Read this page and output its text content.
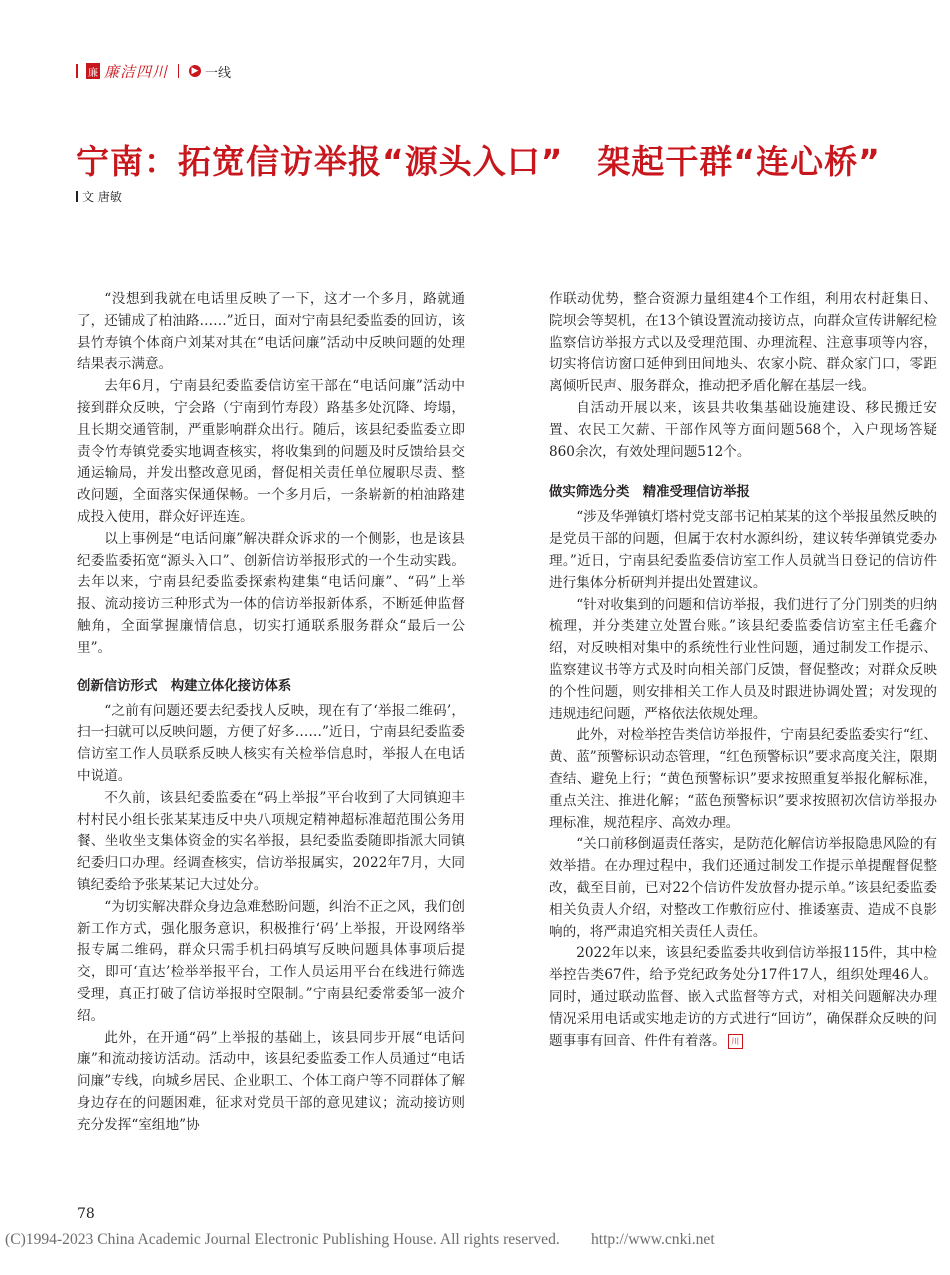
廉 廉洁四川	▶ 一线
宁南：拓宽信访举报“源头入口”　架起干群“连心桥”
文 唐敏

“没想到我就在电话里反映了一下，这才一个多月，路就通了，还铺成了柏油路……”近日，面对宁南县纪委监委的回访，该县竹寿镇个体商户刘某对其在“电话问廉”活动中反映问题的处理结果表示满意。

去年6月，宁南县纪委监委信访室干部在“电话问廉”活动中接到群众反映，宁会路（宁南到竹寿段）路基多处沉降、垮塌，且长期交通管制，严重影响群众出行。随后，该县纪委监委立即责令竹寿镇党委实地调查核实，将收集到的问题及时反馈给县交通运输局，并发出整改意见函，督促相关责任单位履职尽责、整改问题，全面落实保通保畅。一个多月后，一条崭新的柏油路建成投入使用，群众好评连连。

以上事例是“电话问廉”解决群众诉求的一个侧影，也是该县纪委监委拓宽“源头入口”、创新信访举报形式的一个生动实践。去年以来，宁南县纪委监委探索构建集“电话问廉”、“码”上举报、流动接访三种形式为一体的信访举报新体系，不断延伸监督触角，全面掌握廉情信息，切实打通联系服务群众“最后一公里”。

创新信访形式　构建立体化接访体系

“之前有问题还要去纪委找人反映，现在有了‘举报二维码’，扫一扫就可以反映问题，方便了好多……”近日，宁南县纪委监委信访室工作人员联系反映人核实有关检举信息时，举报人在电话中说道。

不久前，该县纪委监委在“码上举报”平台收到了大同镇迎丰村村民小组长张某某违反中央八项规定精神超标准超范围公务用餐、坐收坐支集体资金的实名举报，县纪委监委随即指派大同镇纪委归口办理。经调查核实，信访举报属实，2022年7月，大同镇纪委给予张某某记大过处分。

“为切实解决群众身边急难愁盼问题，纠治不正之风，我们创新工作方式，强化服务意识，积极推行‘码’上举报，开设网络举报专属二维码，群众只需手机扫码填写反映问题具体事项后提交，即可‘直达’检举举报平台，工作人员运用平台在线进行筛选受理，真正打破了信访举报时空限制。”宁南县纪委常委邹一波介绍。

此外，在开通“码”上举报的基础上，该县同步开展“电话问廉”和流动接访活动。活动中，该县纪委监委工作人员通过“电话问廉”专线，向城乡居民、企业职工、个体工商户等不同群体了解身边存在的问题困难，征求对党员干部的意见建议；流动接访则充分发挥“室组地”协

作联动优势，整合资源力量组建4个工作组，利用农村赶集日、院坝会等契机，在13个镇设置流动接访点，向群众宣传讲解纪检监察信访举报方式以及受理范围、办理流程、注意事项等内容，切实将信访窗口延伸到田间地头、农家小院、群众家门口，零距离倾听民声、服务群众，推动把矛盾化解在基层一线。

自活动开展以来，该县共收集基础设施建设、移民搬迁安置、农民工欠薪、干部作风等方面问题568个，入户现场答疑860余次，有效处理问题512个。

做实筛选分类　精准受理信访举报

“涉及华弹镇灯塔村党支部书记柏某某的这个举报虽然反映的是党员干部的问题，但属于农村水源纠纷，建议转华弹镇党委办理。”近日，宁南县纪委监委信访室工作人员就当日登记的信访件进行集体分析研判并提出处置建议。

“针对收集到的问题和信访举报，我们进行了分门别类的归纳梳理，并分类建立处置台账。”该县纪委监委信访室主任毛鑫介绍，对反映相对集中的系统性行业性问题，通过制发工作提示、监察建议书等方式及时向相关部门反馈，督促整改；对群众反映的个性问题，则安排相关工作人员及时跟进协调处置；对发现的违规违纪问题，严格依法依规处理。

此外，对检举控告类信访举报件，宁南县纪委监委实行“红、黄、蓝”预警标识动态管理，“红色预警标识”要求高度关注，限期查结、避免上行；“黄色预警标识”要求按照重复举报化解标准，重点关注、推进化解；“蓝色预警标识”要求按照初次信访举报办理标准，规范程序、高效办理。

“关口前移倒逼责任落实，是防范化解信访举报隐患风险的有效举措。在办理过程中，我们还通过制发工作提示单提醒督促整改，截至目前，已对22个信访件发放督办提示单。”该县纪委监委相关负责人介绍，对整改工作敷衍应付、推诿塞责、造成不良影响的，将严肃追究相关责任人责任。

2022年以来，该县纪委监委共收到信访举报115件，其中检举控告类67件，给予党纪政务处分17件17人，组织处理46人。同时，通过联动监督、嵌入式监督等方式，对相关问题解决办理情况采用电话或实地走访的方式进行“回访”，确保群众反映的问题事事有回音、件件有着落。 川

78
(C)1994-2023 China Academic Journal Electronic Publishing House. All rights reserved.　　http://www.cnki.net
